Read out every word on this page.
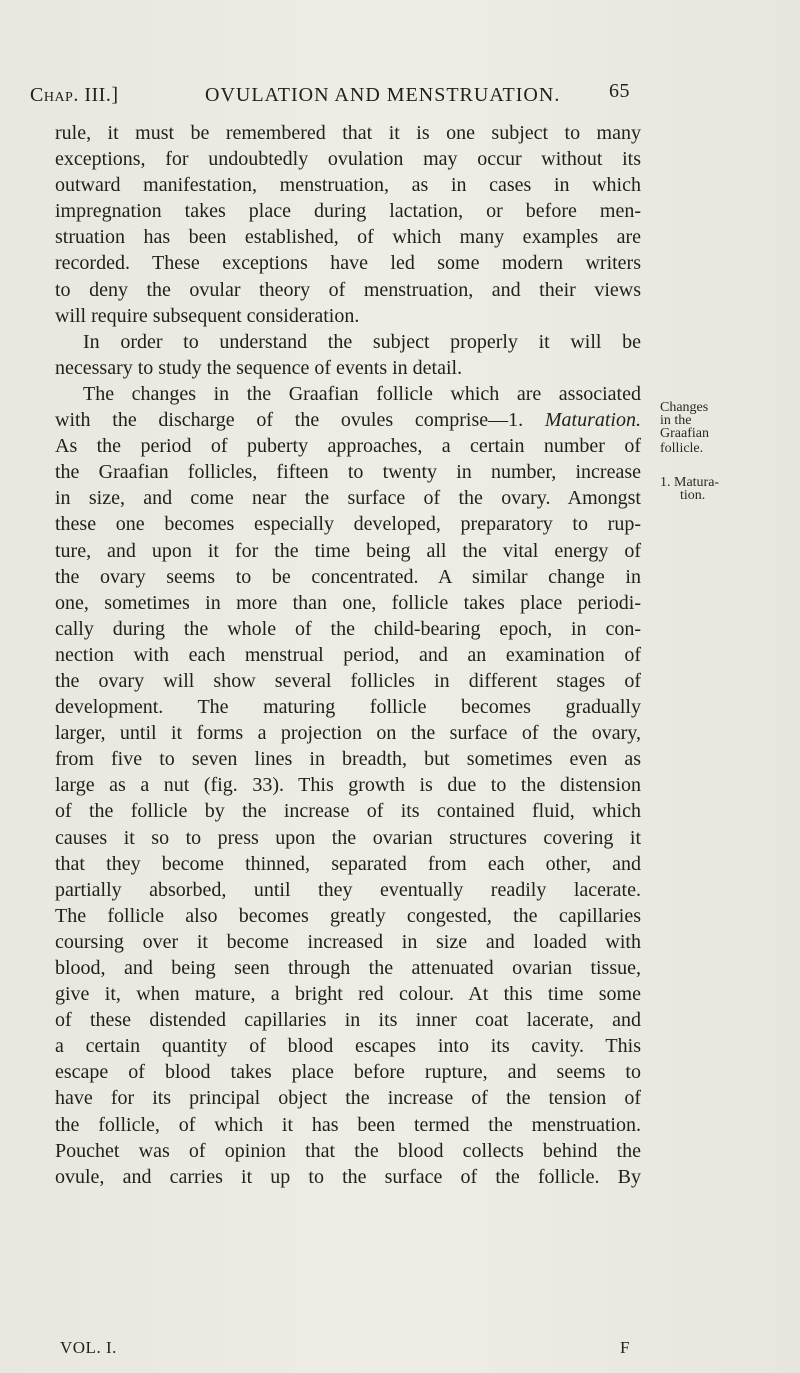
Chap. III.]	OVULATION AND MENSTRUATION. 65
rule, it must be remembered that it is one subject to many
exceptions, for undoubtedly ovulation may occur without its
outward manifestation, menstruation, as in cases in which
impregnation takes place during lactation, or before men-
struation has been established, of which many examples are
recorded. These exceptions have led some modern writers
to deny the ovular theory of menstruation, and their views
will require subsequent consideration.
In order to understand the subject properly it will be
necessary to study the sequence of events in detail.
The changes in the Graafian follicle which are associated
with the discharge of the ovules comprise—1. Maturation.
As the period of puberty approaches, a certain number of
the Graafian follicles, fifteen to twenty in number, increase
in size, and come near the surface of the ovary. Amongst
these one becomes especially developed, preparatory to rup-
ture, and upon it for the time being all the vital energy of
the ovary seems to be concentrated. A similar change in
one, sometimes in more than one, follicle takes place periodi-
cally during the whole of the child-bearing epoch, in con-
nection with each menstrual period, and an examination of
the ovary will show several follicles in different stages of
development. The maturing follicle becomes gradually
larger, until it forms a projection on the surface of the ovary,
from five to seven lines in breadth, but sometimes even as
large as a nut (fig. 33). This growth is due to the distension
of the follicle by the increase of its contained fluid, which
causes it so to press upon the ovarian structures covering it
that they become thinned, separated from each other, and
partially absorbed, until they eventually readily lacerate.
The follicle also becomes greatly congested, the capillaries
coursing over it become increased in size and loaded with
blood, and being seen through the attenuated ovarian tissue,
give it, when mature, a bright red colour. At this time some
of these distended capillaries in its inner coat lacerate, and
a certain quantity of blood escapes into its cavity. This
escape of blood takes place before rupture, and seems to
have for its principal object the increase of the tension of
the follicle, of which it has been termed the menstruation.
Pouchet was of opinion that the blood collects behind the
ovule, and carries it up to the surface of the follicle. By
Changes
in the
Graafian
follicle.
1. Matura-
tion.
VOL. I.	F
